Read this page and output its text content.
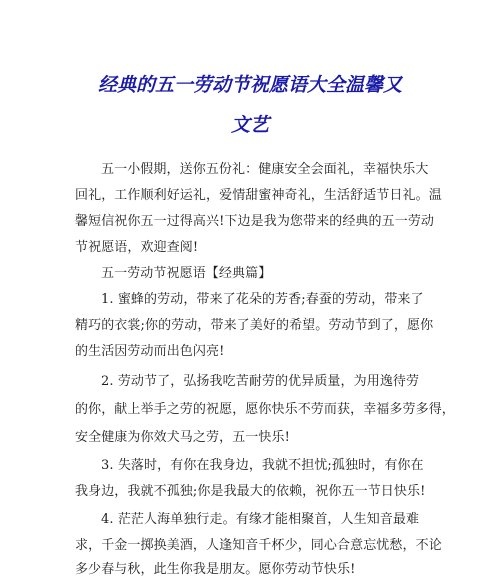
经典的五一劳动节祝愿语大全温馨又
文艺
五一小假期，送你五份礼：健康安全会面礼，幸福快乐大
回礼，工作顺利好运礼，爱情甜蜜神奇礼，生活舒适节日礼。温
馨短信祝你五一过得高兴!下边是我为您带来的经典的五一劳动
节祝愿语，欢迎查阅!
五一劳动节祝愿语【经典篇】
1. 蜜蜂的劳动，带来了花朵的芳香;春蚕的劳动，带来了
精巧的衣裳;你的劳动，带来了美好的希望。劳动节到了，愿你
的生活因劳动而出色闪亮!
2. 劳动节了，弘扬我吃苦耐劳的优异质量，为用逸待劳
的你，献上举手之劳的祝愿，愿你快乐不劳而获，幸福多劳多得，
安全健康为你效犬马之劳，五一快乐!
3. 失落时，有你在我身边，我就不担忧;孤独时，有你在
我身边，我就不孤独;你是我最大的依赖，祝你五一节日快乐!
4. 茫茫人海单独行走。有缘才能相聚首，人生知音最难
求，千金一掷换美酒，人逢知音千杯少，同心合意忘忧愁，不论
多少春与秋，此生你我是朋友。愿你劳动节快乐!
